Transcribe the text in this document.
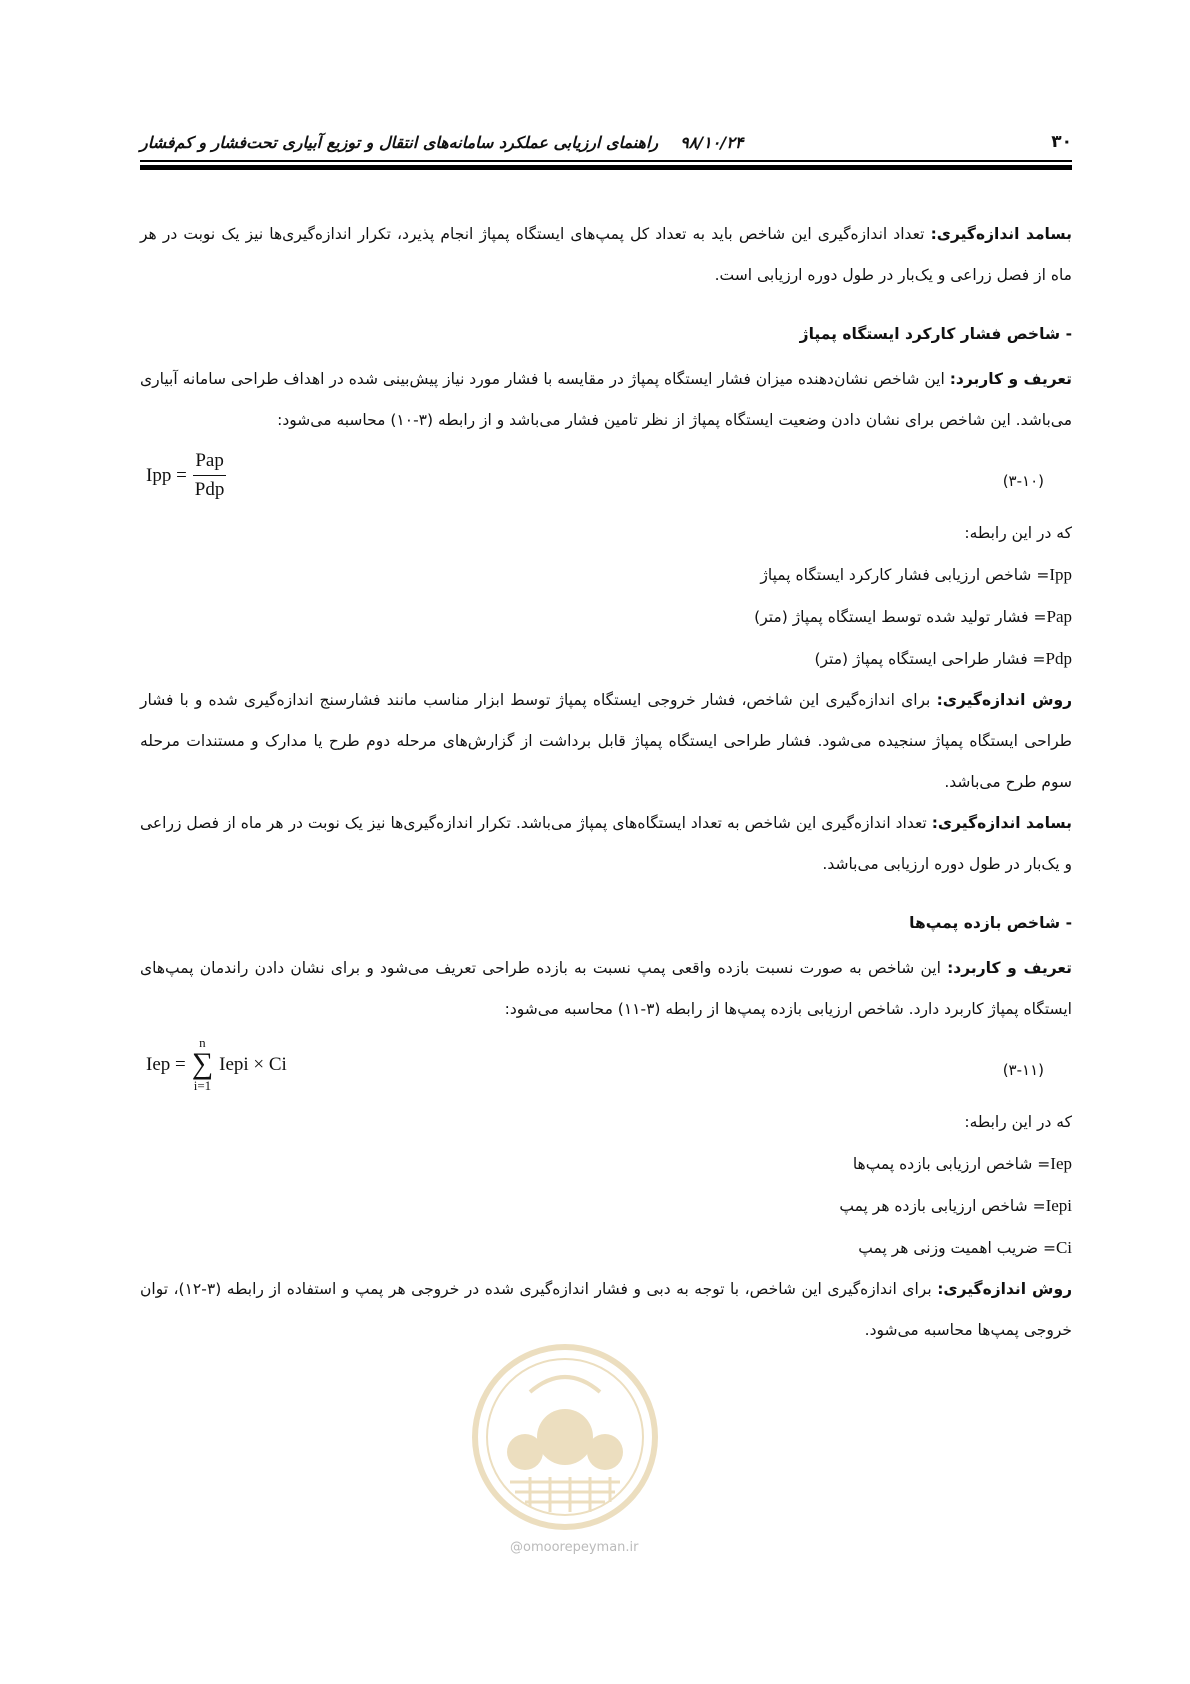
۳۰
۹۸/۱۰/۲۴
راهنمای ارزیابی عملکرد سامانه‌های انتقال و توزیع آبیاری تحت‌فشار و کم‌فشار

بسامد اندازه‌گیری: تعداد اندازه‌گیری این شاخص باید به تعداد کل پمپ‌های ایستگاه پمپاژ انجام پذیرد، تکرار اندازه‌گیری‌ها نیز یک نوبت در هر ماه از فصل زراعی و یک‌بار در طول دوره ارزیابی است.

- شاخص فشار کارکرد ایستگاه پمپاژ

تعریف و کاربرد: این شاخص نشان‌دهنده میزان فشار ایستگاه پمپاژ در مقایسه با فشار مورد نیاز پیش‌بینی شده در اهداف طراحی سامانه آبیاری می‌باشد. این شاخص برای نشان دادن وضعیت ایستگاه پمپاژ از نظر تامین فشار می‌باشد و از رابطه (۳-۱۰) محاسبه می‌شود:

Ipp = $\frac{\text{Pap}}{\text{Pdp}}$	(۳-۱۰)
که در این رابطه:
Ipp= شاخص ارزیابی فشار کارکرد ایستگاه پمپاژ
Pap= فشار تولید شده توسط ایستگاه پمپاژ (متر)
Pdp= فشار طراحی ایستگاه پمپاژ (متر)

روش اندازه‌گیری: برای اندازه‌گیری این شاخص، فشار خروجی ایستگاه پمپاژ توسط ابزار مناسب مانند فشارسنج اندازه‌گیری شده و با فشار طراحی ایستگاه پمپاژ سنجیده می‌شود. فشار طراحی ایستگاه پمپاژ قابل برداشت از گزارش‌های مرحله دوم طرح یا مدارک و مستندات مرحله سوم طرح می‌باشد.

بسامد اندازه‌گیری: تعداد اندازه‌گیری این شاخص به تعداد ایستگاه‌های پمپاژ می‌باشد. تکرار اندازه‌گیری‌ها نیز یک نوبت در هر ماه از فصل زراعی و یک‌بار در طول دوره ارزیابی می‌باشد.

- شاخص بازده پمپ‌ها

تعریف و کاربرد: این شاخص به صورت نسبت بازده واقعی پمپ نسبت به بازده طراحی تعریف می‌شود و برای نشان دادن راندمان پمپ‌های ایستگاه پمپاژ کاربرد دارد. شاخص ارزیابی بازده پمپ‌ها از رابطه (۳-۱۱) محاسبه می‌شود:

Iep =
n
∑
i=1
Iepi × Ci	(۳-۱۱)
که در این رابطه:
Iep= شاخص ارزیابی بازده پمپ‌ها
Iepi= شاخص ارزیابی بازده هر پمپ
Ci= ضریب اهمیت وزنی هر پمپ

روش اندازه‌گیری: برای اندازه‌گیری این شاخص، با توجه به دبی و فشار اندازه‌گیری شده در خروجی هر پمپ و استفاده از رابطه (۳-۱۲)، توان خروجی پمپ‌ها محاسبه می‌شود.

@omoorepeyman.ir
